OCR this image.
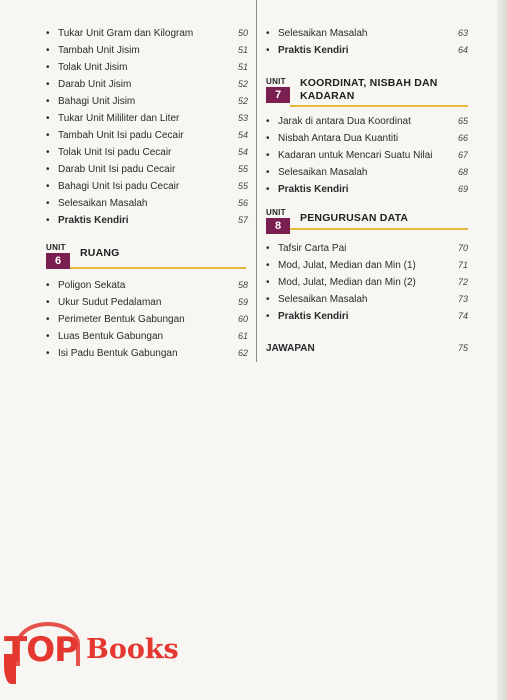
• Tukar Unit Gram dan Kilogram	50
• Tambah Unit Jisim	51
• Tolak Unit Jisim	51
• Darab Unit Jisim	52
• Bahagi Unit Jisim	52
• Tukar Unit Mililiter dan Liter	53
• Tambah Unit Isi padu Cecair	54
• Tolak Unit Isi padu Cecair	54
• Darab Unit Isi padu Cecair	55
• Bahagi Unit Isi padu Cecair	55
• Selesaikan Masalah	56
• Praktis Kendiri	57
UNIT
6
RUANG
• Poligon Sekata	58
• Ukur Sudut Pedalaman	59
• Perimeter Bentuk Gabungan	60
• Luas Bentuk Gabungan	61
• Isi Padu Bentuk Gabungan	62
• Selesaikan Masalah	63
• Praktis Kendiri	64
UNIT
7
KOORDINAT, NISBAH DAN
KADARAN
• Jarak di antara Dua Koordinat	65
• Nisbah Antara Dua Kuantiti	66
• Kadaran untuk Mencari Suatu Nilai	67
• Selesaikan Masalah	68
• Praktis Kendiri	69
UNIT
8
PENGURUSAN DATA
• Tafsir Carta Pai	70
• Mod, Julat, Median dan Min (1)	71
• Mod, Julat, Median dan Min (2)	72
• Selesaikan Masalah	73
• Praktis Kendiri	74
JAWAPAN	75
TOP Books
